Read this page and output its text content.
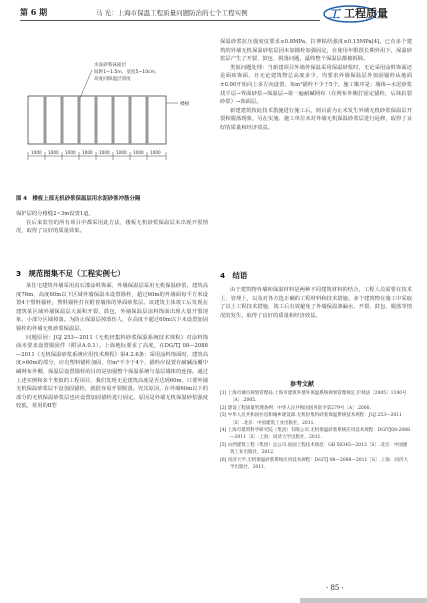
第 6 期	马 光：上海市保温工程质量问题防治的七个工程实例	工 工程质量
水泥砂浆抹面层
间距1~1.5m，宽度5~10cm，
高度同保温层厚度
楼板
1000 1000 1000 1000 1000 1000 1000 1000
图 4　楼板上部无机砂浆保温层用水泥砂浆冲筋分隔

保护层的分格缝2~3m设置1道。

在后来监管的所有项目中都采用此方法，楼板无机砂浆保温层未出现开裂情况，取得了良好的质量效果。

3　规范图集不足（工程实例七）

某住宅建筑外墙采用真石漆涂料饰面，外墙保温层采用无机保温砂浆，建筑高度76m，高度60m以下区域外墙保温未设置锚栓，超过60m的外墙面每平方米设置4个塑料锚栓，塑料锚栓打在附着墙体的界面砂浆层。该建筑主体竣工后发现在建筑某区域外墙保温层大面积开裂、鼓包，外墙保温层涂料饰面出现大量开裂现象，小部分区域掉落。为防止保温层掉落伤人，在高度不超过60m以下未设置加固锚栓的外墙无机砂浆保温层。

问题原因：JGJ 253—2011《无机轻集料砂浆保温系统技术规程》对涂料饰面未要求设置锚固件（附录A.0.1）。上海地标要求了高度，在DG/TJ 08—2088—2011《无机保温砂浆系统应用技术规程》第4.2.6条：采用涂料饰面时，建筑高度>60m的部分，应有塑料锚栓加固，但m²不少于4个，锚栓应设置在耐碱涂覆中碱网布外侧，保温层设置锚栓的目的是加强整个保温系统与基层墙体的连接。通过上述实例和多个类似的工程项目，我们发现无论建筑高度是否达到60m，只要外墙无机保温砂浆层不设加固锚栓，就很容易开裂脱落。究其原因，在外墙60m以下的部分的无机保温砂浆层也应设置加固锚栓进行固定。原因是外墙无机保温砂浆强度较低，常用的Ⅱ型

保温砂浆抗压强度仅要求≥0.8MPa，拉伸粘结强度≥0.15MPa[4]。已有多个建筑的外墙无机保温砂浆层因未加锚栓加强固定，在使用年限很长期外用下，保温砂浆层产生了开裂、鼓包、脱落问题，最终整个保温层都被拆除。

类似问题处理：当新建项目外墙外保温采用保温砂浆时，无论采用涂料饰面还是面砖饰面，且无论建筑物总高度多少，均要求外墙保温层外加固锚栓从地面±0.00开始向上多方向设置，每m²锚栓不少于5个。施工顺序是：墙体→水泥砂浆找平层→界面砂浆→保温层→第一遍耐碱网布（在网布外侧打固定锚栓，后抹抗裂砂浆）→饰面层。

新建建筑按此技术措施进行施工后，到目前为止未发生外墙无机砂浆保温层开裂和脱落现象，另在实施、施工单位未对外墙无机保温砂浆层进行返修，取得了良好的质量和经济效益。

4　结语

由于建筑物外墙和保温材料是两种不同建筑材料的结合，工程人员需要在技术上，管理上，以及对各方选正确的工程材料和技术措施。多个建筑物在施工中采取了以上工程技术措施，竣工后有效避免了外墙保温渗漏水、开裂、鼓包、脱落等情况的发生，取得了良好的质量和经济效益。

参考文献

[1] 上海市城市规划管理局.上海市建筑外墙外保温系统规划管理规定.沪规法［2005］1180号［A］.2005.

[2] 建设工程质量管理条例：中华人民共和国国务院令第279号［A］.2000.

[3] 中华人民共和国住房和城乡建设部.无机轻集料砂浆保温系统技术规程：JGJ 253—2011［S］.北京：中国建筑工业出版社，2011.

[4] 上海市建筑科学研究院（集团）有限公司.无机保温砂浆系统应用技术规程：DG/TJ08-2088—2011［S］.上海：同济大学出版社，2011.

[5] 山西建筑工程（集团）总公司.屋面工程技术规范：GB 50345—2012［S］.北京：中国建筑工业出版社，2012.

[6] 同济大学.无机保温砂浆系统应用技术规程：DG/TJ 08—2088—2011［S］.上海：同济大学出版社，2011.

· 85 ·
